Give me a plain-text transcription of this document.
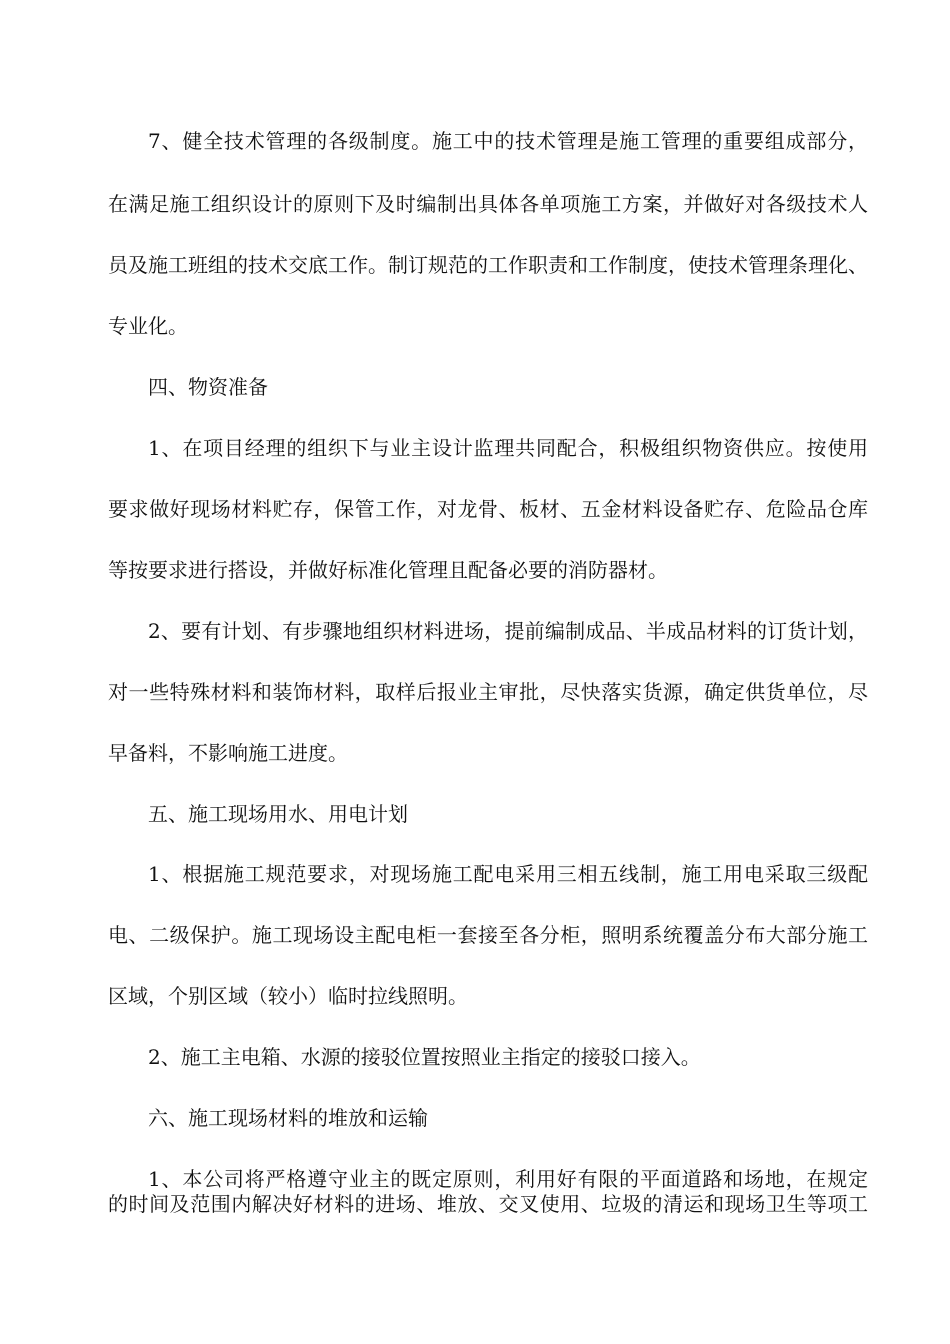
7、健全技术管理的各级制度。施工中的技术管理是施工管理的重要组成部分，
在满足施工组织设计的原则下及时编制出具体各单项施工方案，并做好对各级技术人
员及施工班组的技术交底工作。制订规范的工作职责和工作制度，使技术管理条理化、
专业化。
四、物资准备
1、在项目经理的组织下与业主设计监理共同配合，积极组织物资供应。按使用
要求做好现场材料贮存，保管工作，对龙骨、板材、五金材料设备贮存、危险品仓库
等按要求进行搭设，并做好标准化管理且配备必要的消防器材。
2、要有计划、有步骤地组织材料进场，提前编制成品、半成品材料的订货计划，
对一些特殊材料和装饰材料，取样后报业主审批，尽快落实货源，确定供货单位，尽
早备料，不影响施工进度。
五、施工现场用水、用电计划
1、根据施工规范要求，对现场施工配电采用三相五线制，施工用电采取三级配
电、二级保护。施工现场设主配电柜一套接至各分柜，照明系统覆盖分布大部分施工
区域，个别区域（较小）临时拉线照明。
2、施工主电箱、水源的接驳位置按照业主指定的接驳口接入。
六、施工现场材料的堆放和运输
1、本公司将严格遵守业主的既定原则，利用好有限的平面道路和场地，在规定
的时间及范围内解决好材料的进场、堆放、交叉使用、垃圾的清运和现场卫生等项工
